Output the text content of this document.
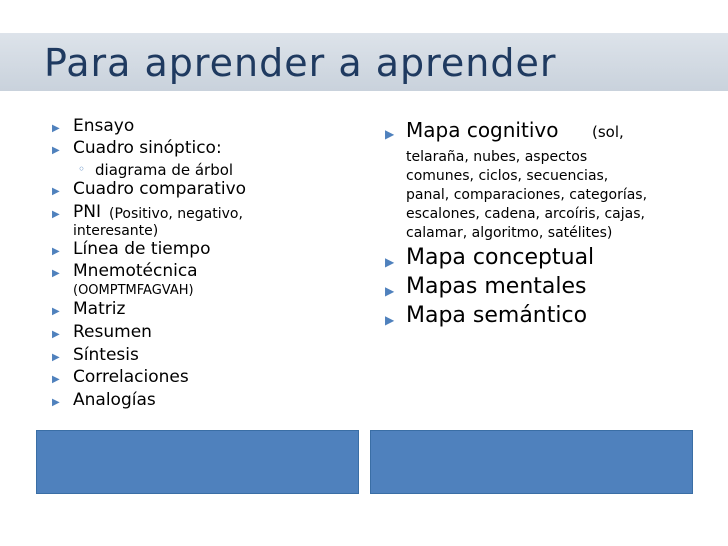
Para aprender a aprender
▶ Ensayo
▶ Cuadro sinóptico:
◦ diagrama de árbol
▶ Cuadro comparativo
▶ PNI (Positivo, negativo,
interesante)
▶ Línea de tiempo
▶ Mnemotécnica
(OOMPTMFAGVAH)
▶ Matriz
▶ Resumen
▶ Síntesis
▶ Correlaciones
▶ Analogías
▶ Mapa cognitivo (sol,
telaraña, nubes, aspectos
comunes, ciclos, secuencias,
panal, comparaciones, categorías,
escalones, cadena, arcoíris, cajas,
calamar, algoritmo, satélites)
▶ Mapa conceptual
▶ Mapas mentales
▶ Mapa semántico
